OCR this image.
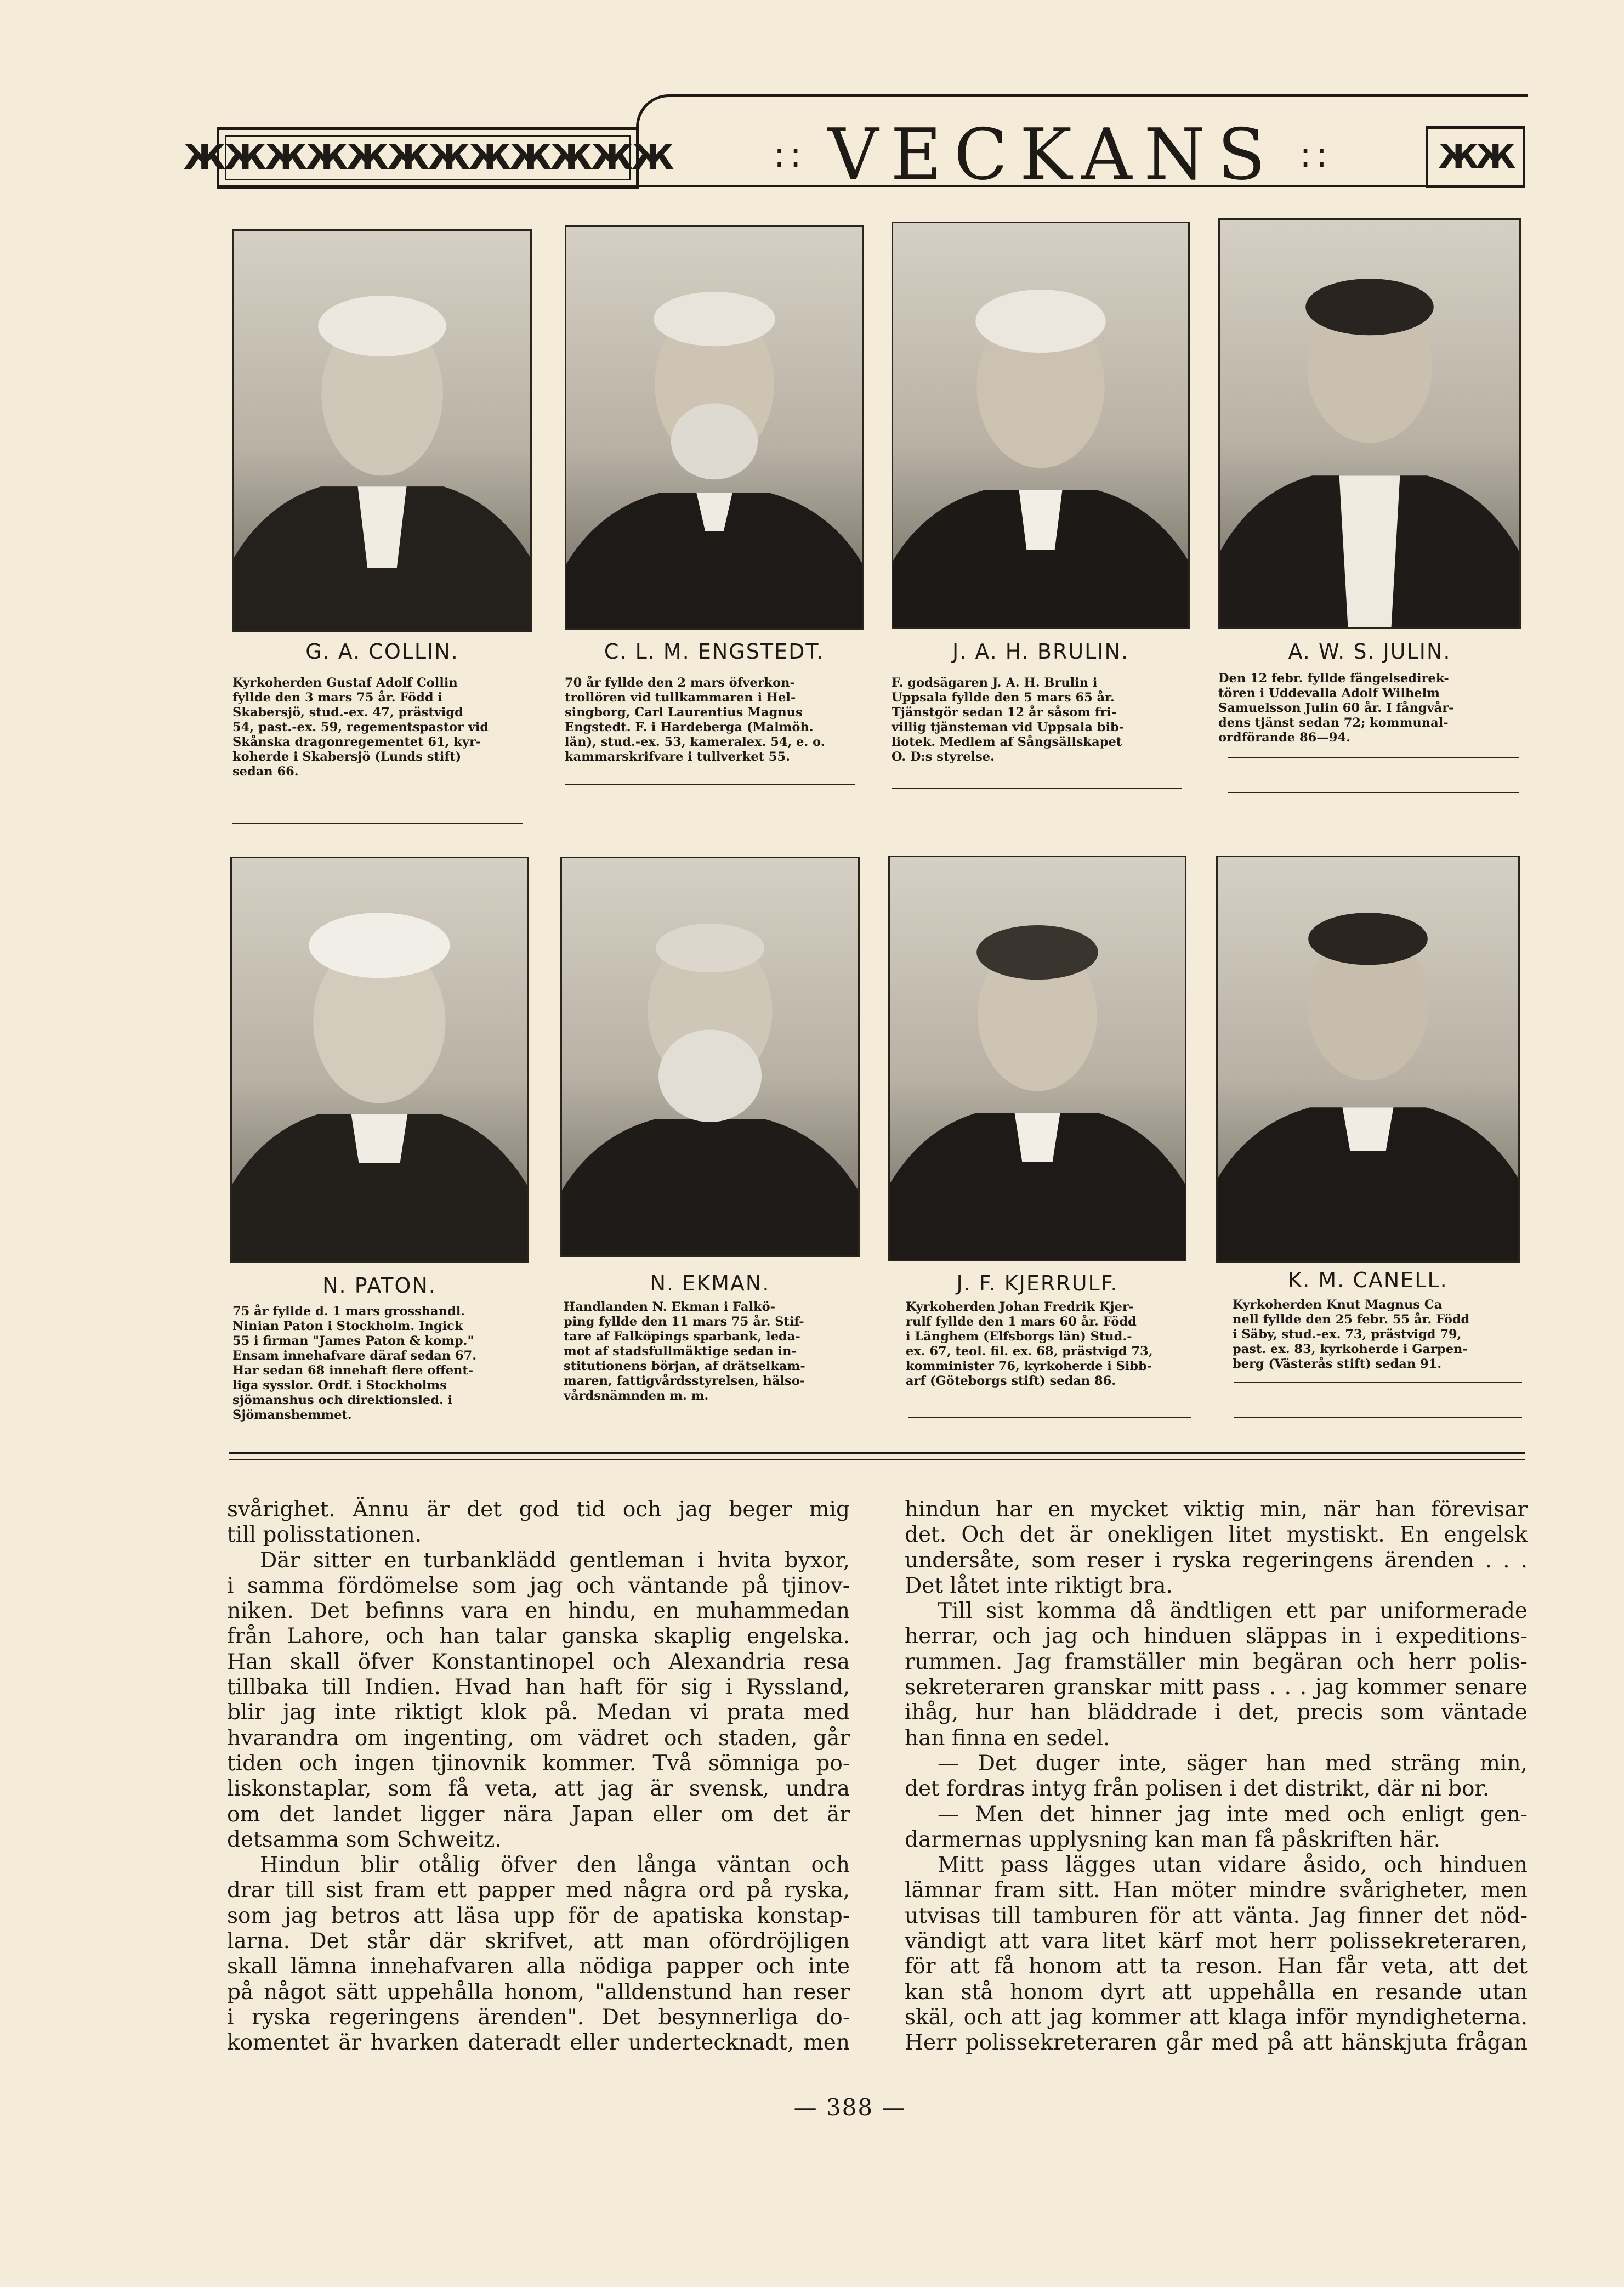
ЖЖЖЖЖЖЖЖЖЖЖЖ	:: VECKANS ::	ЖЖ
G. A. COLLIN.	C. L. M. ENGSTEDT.	J. A. H. BRULIN.	A. W. S. JULIN.
Kyrkoherden Gustaf Adolf Collin
fyllde den 3 mars 75 år. Född i
Skabersjö, stud.-ex. 47, prästvigd
54, past.-ex. 59, regementspastor vid
Skånska dragonregementet 61, kyr-
koherde i Skabersjö (Lunds stift)
sedan 66.
70 år fyllde den 2 mars öfverkon-
trollören vid tullkammaren i Hel-
singborg, Carl Laurentius Magnus
Engstedt. F. i Hardeberga (Malmöh.
län), stud.-ex. 53, kameralex. 54, e. o.
kammarskrifvare i tullverket 55.
F. godsägaren J. A. H. Brulin i
Uppsala fyllde den 5 mars 65 år.
Tjänstgör sedan 12 år såsom fri-
villig tjänsteman vid Uppsala bib-
liotek. Medlem af Sångsällskapet
O. D:s styrelse.
Den 12 febr. fyllde fängelsedirek-
tören i Uddevalla Adolf Wilhelm
Samuelsson Julin 60 år. I fångvår-
dens tjänst sedan 72; kommunal-
ordförande 86—94.
N. PATON.	N. EKMAN.	J. F. KJERRULF.	K. M. CANELL.
75 år fyllde d. 1 mars grosshandl.
Ninian Paton i Stockholm. Ingick
55 i firman "James Paton & komp."
Ensam innehafvare däraf sedan 67.
Har sedan 68 innehaft flere offent-
liga sysslor. Ordf. i Stockholms
sjömanshus och direktionsled. i
Sjömanshemmet.
Handlanden N. Ekman i Falkö-
ping fyllde den 11 mars 75 år. Stif-
tare af Falköpings sparbank, leda-
mot af stadsfullmäktige sedan in-
stitutionens början, af drätselkam-
maren, fattigvårdsstyrelsen, hälso-
vårdsnämnden m. m.
Kyrkoherden Johan Fredrik Kjer-
rulf fyllde den 1 mars 60 år. Född
i Länghem (Elfsborgs län) Stud.-
ex. 67, teol. fil. ex. 68, prästvigd 73,
komminister 76, kyrkoherde i Sibb-
arf (Göteborgs stift) sedan 86.
Kyrkoherden Knut Magnus Ca
nell fyllde den 25 febr. 55 år. Född
i Säby, stud.-ex. 73, prästvigd 79,
past. ex. 83, kyrkoherde i Garpen-
berg (Västerås stift) sedan 91.

svårighet. Ännu är det god tid och jag beger mig
till polisstationen.

Där sitter en turbanklädd gentleman i hvita byxor,
i samma fördömelse som jag och väntande på tjinov-
niken. Det befinns vara en hindu, en muhammedan
från Lahore, och han talar ganska skaplig engelska.
Han skall öfver Konstantinopel och Alexandria resa
tillbaka till Indien. Hvad han haft för sig i Ryssland,
blir jag inte riktigt klok på. Medan vi prata med
hvarandra om ingenting, om vädret och staden, går
tiden och ingen tjinovnik kommer. Två sömniga po-
liskonstaplar, som få veta, att jag är svensk, undra
om det landet ligger nära Japan eller om det är
detsamma som Schweitz.

Hindun blir otålig öfver den långa väntan och
drar till sist fram ett papper med några ord på ryska,
som jag betros att läsa upp för de apatiska konstap-
larna. Det står där skrifvet, att man ofördröjligen
skall lämna innehafvaren alla nödiga papper och inte
på något sätt uppehålla honom, "alldenstund han reser
i ryska regeringens ärenden". Det besynnerliga do-
komentet är hvarken dateradt eller undertecknadt, men

hindun har en mycket viktig min, när han förevisar
det. Och det är onekligen litet mystiskt. En engelsk
undersåte, som reser i ryska regeringens ärenden . . .
Det låtet inte riktigt bra.

Till sist komma då ändtligen ett par uniformerade
herrar, och jag och hinduen släppas in i expeditions-
rummen. Jag framställer min begäran och herr polis-
sekreteraren granskar mitt pass . . . jag kommer senare
ihåg, hur han bläddrade i det, precis som väntade
han finna en sedel.

— Det duger inte, säger han med sträng min,
det fordras intyg från polisen i det distrikt, där ni bor.

— Men det hinner jag inte med och enligt gen-
darmernas upplysning kan man få påskriften här.

Mitt pass lägges utan vidare åsido, och hinduen
lämnar fram sitt. Han möter mindre svårigheter, men
utvisas till tamburen för att vänta. Jag finner det nöd-
vändigt att vara litet kärf mot herr polissekreteraren,
för att få honom att ta reson. Han får veta, att det
kan stå honom dyrt att uppehålla en resande utan
skäl, och att jag kommer att klaga inför myndigheterna.
Herr polissekreteraren går med på att hänskjuta frågan

— 388 —
